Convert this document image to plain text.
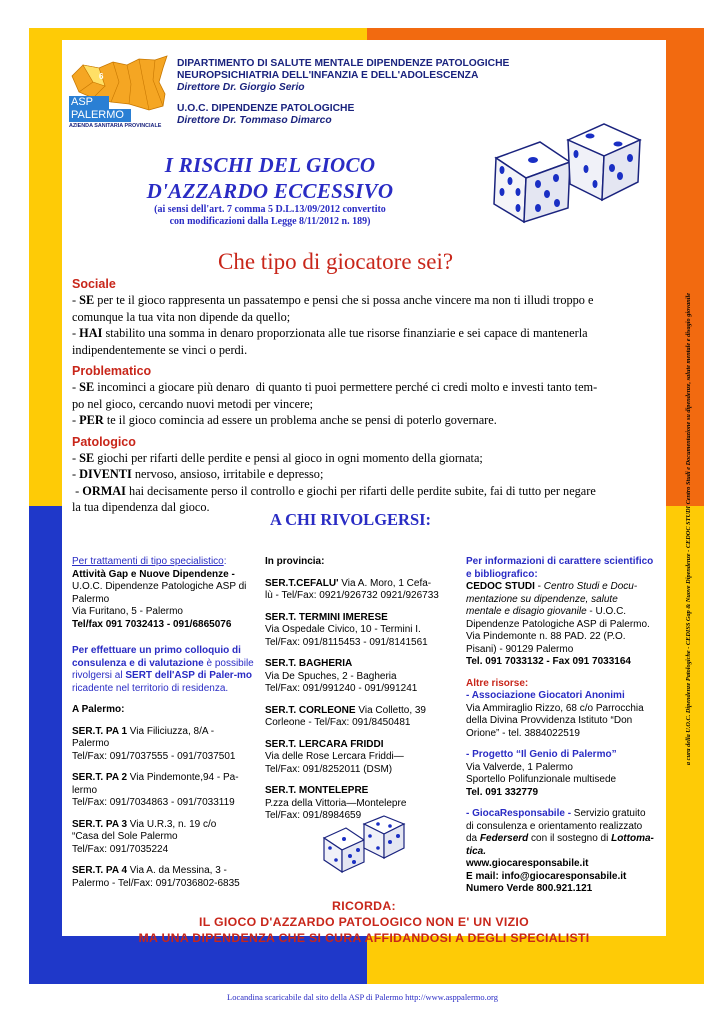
6
ASP
PALERMO
AZIENDA SANITARIA PROVINCIALE
DIPARTIMENTO DI SALUTE MENTALE DIPENDENZE PATOLOGICHE
NEUROPSICHIATRIA DELL'INFANZIA E DELL'ADOLESCENZA
Direttore Dr. Giorgio Serio
U.O.C. DIPENDENZE PATOLOGICHE
Direttore Dr. Tommaso Dimarco
I RISCHI DEL GIOCO
D'AZZARDO ECCESSIVO
(ai sensi dell'art. 7 comma 5 D.L.13/09/2012 convertito
con modificazioni dalla Legge 8/11/2012 n. 189)
Che tipo di giocatore sei?
Sociale
- SE per te il gioco rappresenta un passatempo e pensi che si possa anche vincere ma non ti illudi troppo e
comunque la tua vita non dipende da quello;
- HAI stabilito una somma in denaro proporzionata alle tue risorse finanziarie e sei capace di mantenerla
indipendentemente se vinci o perdi.
Problematico
- SE incominci a giocare più denaro  di quanto ti puoi permettere perché ci credi molto e investi tanto tem-
po nel gioco, cercando nuovi metodi per vincere;
- PER te il gioco comincia ad essere un problema anche se pensi di poterlo governare.
Patologico
- SE giochi per rifarti delle perdite e pensi al gioco in ogni momento della giornata;
- DIVENTI nervoso, ansioso, irritabile e depresso;
- ORMAI hai decisamente perso il controllo e giochi per rifarti delle perdite subite, fai di tutto per negare
la tua dipendenza dal gioco.
A CHI RIVOLGERSI:
Per trattamenti di tipo specialistico:
Attività Gap e Nuove Dipendenze -
U.O.C. Dipendenze Patologiche ASP di
Palermo
Via Furitano, 5 - Palermo
Tel/fax 091 7032413 - 091/6865076
Per effettuare un primo colloquio di consulenza e di valutazione è possibile rivolgersi al SERT dell'ASP di Paler-mo ricadente nel territorio di residenza.
A Palermo:
SER.T. PA 1 Via Filiciuzza, 8/A -
Palermo
Tel/Fax: 091/7037555 - 091/7037501
SER.T. PA 2 Via Pindemonte,94 - Pa-
lermo
Tel/Fax: 091/7034863 - 091/7033119
SER.T. PA 3 Via U.R.3, n. 19 c/o
“Casa del Sole Palermo
Tel/Fax: 091/7035224
SER.T. PA 4 Via A. da Messina, 3 -
Palermo - Tel/Fax: 091/7036802-6835
In provincia:
SER.T.CEFALU' Via A. Moro, 1 Cefa-
lù - Tel/Fax: 0921/926732 0921/926733
SER.T. TERMINI IMERESE
Via Ospedale Civico, 10 - Termini I.
Tel/Fax: 091/8115453 - 091/8141561
SER.T. BAGHERIA
Via De Spuches, 2 - Bagheria
Tel/Fax: 091/991240 - 091/991241
SER.T. CORLEONE Via Colletto, 39
Corleone - Tel/Fax: 091/8450481
SER.T. LERCARA FRIDDI
Via delle Rose Lercara Friddi—
Tel/Fax: 091/8252011 (DSM)
SER.T. MONTELEPRE
P.zza della Vittoria—Montelepre
Tel/Fax: 091/8984659
Per informazioni di carattere scientifico e bibliografico:
CEDOC STUDI - Centro Studi e Docu-mentazione su dipendenze, salute mentale e disagio giovanile - U.O.C. Dipendenze Patologiche ASP di Palermo.
Via Pindemonte n. 88 PAD. 22 (P.O. Pisani) - 90129 Palermo
Tel. 091 7033132 - Fax 091 7033164
Altre risorse:
- Associazione Giocatori Anonimi
Via Ammiraglio Rizzo, 68 c/o Parrocchia
della Divina Provvidenza Istituto “Don
Orione” - tel. 3884022519
- Progetto “Il Genio di Palermo”
Via Valverde, 1 Palermo
Sportello Polifunzionale multisede
Tel. 091 332779
- GiocaResponsabile - Servizio gratuito di consulenza e orientamento realizzato da Federserd con il sostegno di Lottoma-tica.
www.giocaresponsabile.it
E mail: info@giocaresponsabile.it
Numero Verde 800.921.121
RICORDA:
IL GIOCO D'AZZARDO PATOLOGICO NON E' UN VIZIO
MA UNA DIPENDENZA CHE SI CURA AFFIDANDOSI A DEGLI SPECIALISTI
a cura della U.O.C. Dipendenze Patologiche - CEDISS Gap & Nuove Dipendenze - CEDOC STUDI Centro Studi e Documentazione su dipendenze, salute mentale e disagio giovanile
Locandina scaricabile dal sito della ASP di Palermo http://www.asppalermo.org
